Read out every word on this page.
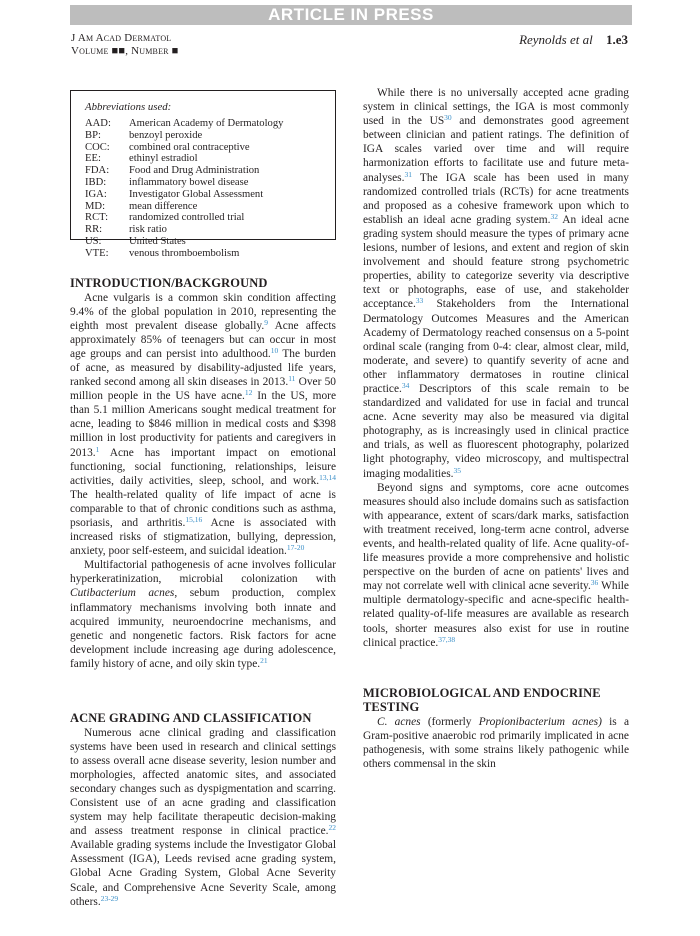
ARTICLE IN PRESS
J Am Acad Dermatol
Volume ■■, Number ■
Reynolds et al 1.e3
Abbreviations used:
AAD:	American Academy of Dermatology
BP:	benzoyl peroxide
COC:	combined oral contraceptive
EE:	ethinyl estradiol
FDA:	Food and Drug Administration
IBD:	inflammatory bowel disease
IGA:	Investigator Global Assessment
MD:	mean difference
RCT:	randomized controlled trial
RR:	risk ratio
US:	United States
VTE:	venous thromboembolism
INTRODUCTION/BACKGROUND

Acne vulgaris is a common skin condition affecting 9.4% of the global population in 2010, representing the eighth most prevalent disease globally.$^9$ Acne affects approximately 85% of teenagers but can occur in most age groups and can persist into adulthood.$^{10}$ The burden of acne, as measured by disability-adjusted life years, ranked second among all skin diseases in 2013.11 Over 50 million people in the US have acne.$^{12}$ In the US, more than 5.1 million Americans sought medical treatment for acne, leading to $846 million in medical costs and $398 million in lost productivity for patients and caregivers in 2013.$^1$ Acne has important impact on emotional functioning, social functioning, relationships, leisure activities, daily activities, sleep, school, and work.$^{13,14}$ The health-related quality of life impact of acne is comparable to that of chronic conditions such as asthma, psoriasis, and arthritis.$^{15,16}$ Acne is associated with increased risks of stigmatization, bullying, depression, anxiety, poor self-esteem, and suicidal ideation.$^{17-20}$

Multifactorial pathogenesis of acne involves follicular hyperkeratinization, microbial colonization with Cutibacterium acnes, sebum production, complex inflammatory mechanisms involving both innate and acquired immunity, neuroendocrine mechanisms, and genetic and nongenetic factors. Risk factors for acne development include increasing age during adolescence, family history of acne, and oily skin type.$^{21}$

ACNE GRADING AND CLASSIFICATION

Numerous acne clinical grading and classification systems have been used in research and clinical settings to assess overall acne disease severity, lesion number and morphologies, affected anatomic sites, and associated secondary changes such as dyspigmentation and scarring. Consistent use of an acne grading and classification system may help facilitate therapeutic decision-making and assess treatment response in clinical practice.$^{22}$ Available grading systems include the Investigator Global Assessment (IGA), Leeds revised acne grading system, Global Acne Grading System, Global Acne Severity Scale, and Comprehensive Acne Severity Scale, among others.$^{23-29}$

While there is no universally accepted acne grading system in clinical settings, the IGA is most commonly used in the US$^{30}$ and demonstrates good agreement between clinician and patient ratings. The definition of IGA scales varied over time and will require harmonization efforts to facilitate use and future meta-analyses.$^{31}$ The IGA scale has been used in many randomized controlled trials (RCTs) for acne treatments and proposed as a cohesive framework upon which to establish an ideal acne grading system.$^{32}$ An ideal acne grading system should measure the types of primary acne lesions, number of lesions, and extent and region of skin involvement and should feature strong psychometric properties, ability to categorize severity via descriptive text or photographs, ease of use, and stakeholder acceptance.$^{33}$ Stakeholders from the International Dermatology Outcomes Measures and the American Academy of Dermatology reached consensus on a 5-point ordinal scale (ranging from 0-4: clear, almost clear, mild, moderate, and severe) to quantify severity of acne and other inflammatory dermatoses in routine clinical practice.$^{34}$ Descriptors of this scale remain to be standardized and validated for use in facial and truncal acne. Acne severity may also be measured via digital photography, as is increasingly used in clinical practice and trials, as well as fluorescent photography, polarized light photography, video microscopy, and multispectral imaging modalities.$^{35}$

Beyond signs and symptoms, core acne outcomes measures should also include domains such as satisfaction with appearance, extent of scars/dark marks, satisfaction with treatment received, long-term acne control, adverse events, and health-related quality of life. Acne quality-of-life measures provide a more comprehensive and holistic perspective on the burden of acne on patients' lives and may not correlate well with clinical acne severity.$^{36}$ While multiple dermatology-specific and acne-specific health-related quality-of-life measures are available as research tools, shorter measures also exist for use in routine clinical practice.$^{37,38}$

MICROBIOLOGICAL AND ENDOCRINE TESTING

C. acnes (formerly Propionibacterium acnes) is a Gram-positive anaerobic rod primarily implicated in acne pathogenesis, with some strains likely pathogenic while others commensal in the skin
